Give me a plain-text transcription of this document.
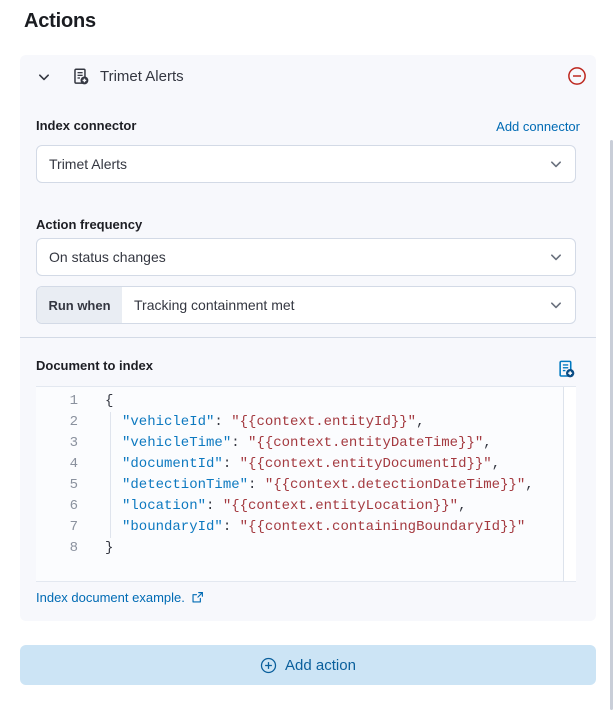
Actions
Trimet Alerts
Index connector	Add connector
Trimet Alerts
Action frequency
On status changes
Run when	Tracking containment met
Document to index
1 {
2	"vehicleId": "{{context.entityId}}",
3	"vehicleTime": "{{context.entityDateTime}}",
4	"documentId": "{{context.entityDocumentId}}",
5	"detectionTime": "{{context.detectionDateTime}}",
6	"location": "{{context.entityLocation}}",
7	"boundaryId": "{{context.containingBoundaryId}}"
8 }
Index document example.
Add action
